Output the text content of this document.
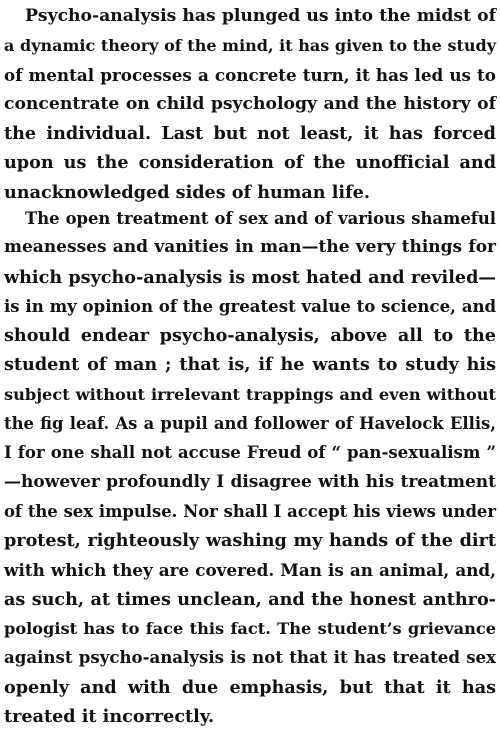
Psycho-analysis has plunged us into the midst of
a dynamic theory of the mind, it has given to the study
of mental processes a concrete turn, it has led us to
concentrate on child psychology and the history of
the individual. Last but not least, it has forced
upon us the consideration of the unofficial and
unacknowledged sides of human life.
The open treatment of sex and of various shameful
meanesses and vanities in man—the very things for
which psycho-analysis is most hated and reviled—
is in my opinion of the greatest value to science, and
should endear psycho-analysis, above all to the
student of man ; that is, if he wants to study his
subject without irrelevant trappings and even without
the fig leaf. As a pupil and follower of Havelock Ellis,
I for one shall not accuse Freud of “ pan-sexualism ”
—however profoundly I disagree with his treatment
of the sex impulse. Nor shall I accept his views under
protest, righteously washing my hands of the dirt
with which they are covered. Man is an animal, and,
as such, at times unclean, and the honest anthro-
pologist has to face this fact. The student’s grievance
against psycho-analysis is not that it has treated sex
openly and with due emphasis, but that it has
treated it incorrectly.
